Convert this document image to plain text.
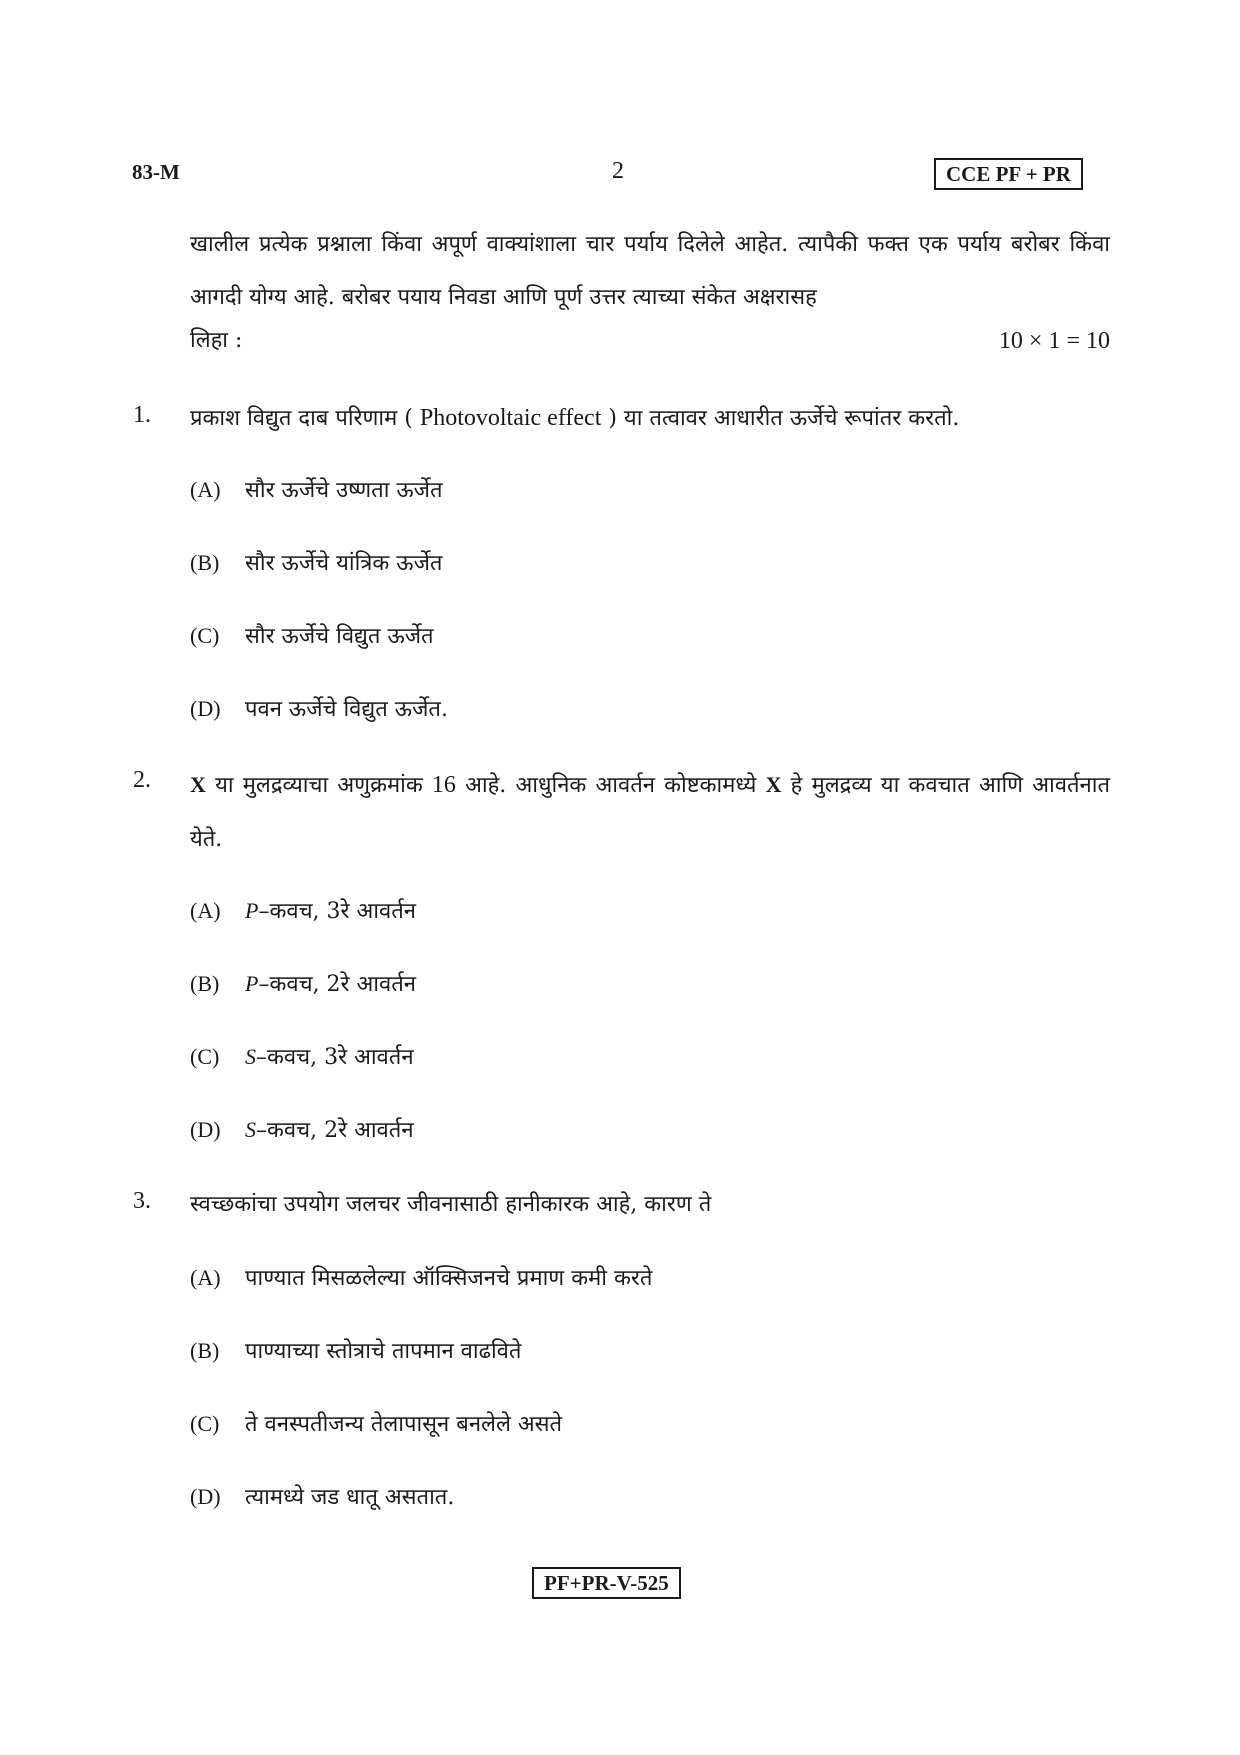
83-M	2	CCE PF + PR
खालील प्रत्येक प्रश्नाला किंवा अपूर्ण वाक्यांशाला चार पर्याय दिलेले आहेत. त्यापैकी फक्त एक पर्याय बरोबर किंवा आगदी योग्य आहे. बरोबर पयाय निवडा आणि पूर्ण उत्तर त्याच्या संकेत अक्षरासह
लिहा :	10 × 1 = 10
1. प्रकाश विद्युत दाब परिणाम ( Photovoltaic effect ) या तत्वावर आधारीत ऊर्जेचे रूपांतर करतो.
(A) सौर ऊर्जेचे उष्णता ऊर्जेत
(B) सौर ऊर्जेचे यांत्रिक ऊर्जेत
(C) सौर ऊर्जेचे विद्युत ऊर्जेत
(D) पवन ऊर्जेचे विद्युत ऊर्जेत.
2. X या मुलद्रव्याचा अणुक्रमांक 16 आहे. आधुनिक आवर्तन कोष्टकामध्ये X हे मुलद्रव्य या कवचात आणि आवर्तनात येते.
(A) P–कवच, 3रे आवर्तन
(B) P–कवच, 2रे आवर्तन
(C) S–कवच, 3रे आवर्तन
(D) S–कवच, 2रे आवर्तन
3. स्वच्छकांचा उपयोग जलचर जीवनासाठी हानीकारक आहे, कारण ते
(A) पाण्यात मिसळलेल्या ऑक्सिजनचे प्रमाण कमी करते
(B) पाण्याच्या स्तोत्राचे तापमान वाढविते
(C) ते वनस्पतीजन्य तेलापासून बनलेले असते
(D) त्यामध्ये जड धातू असतात.
PF+PR-V-525
